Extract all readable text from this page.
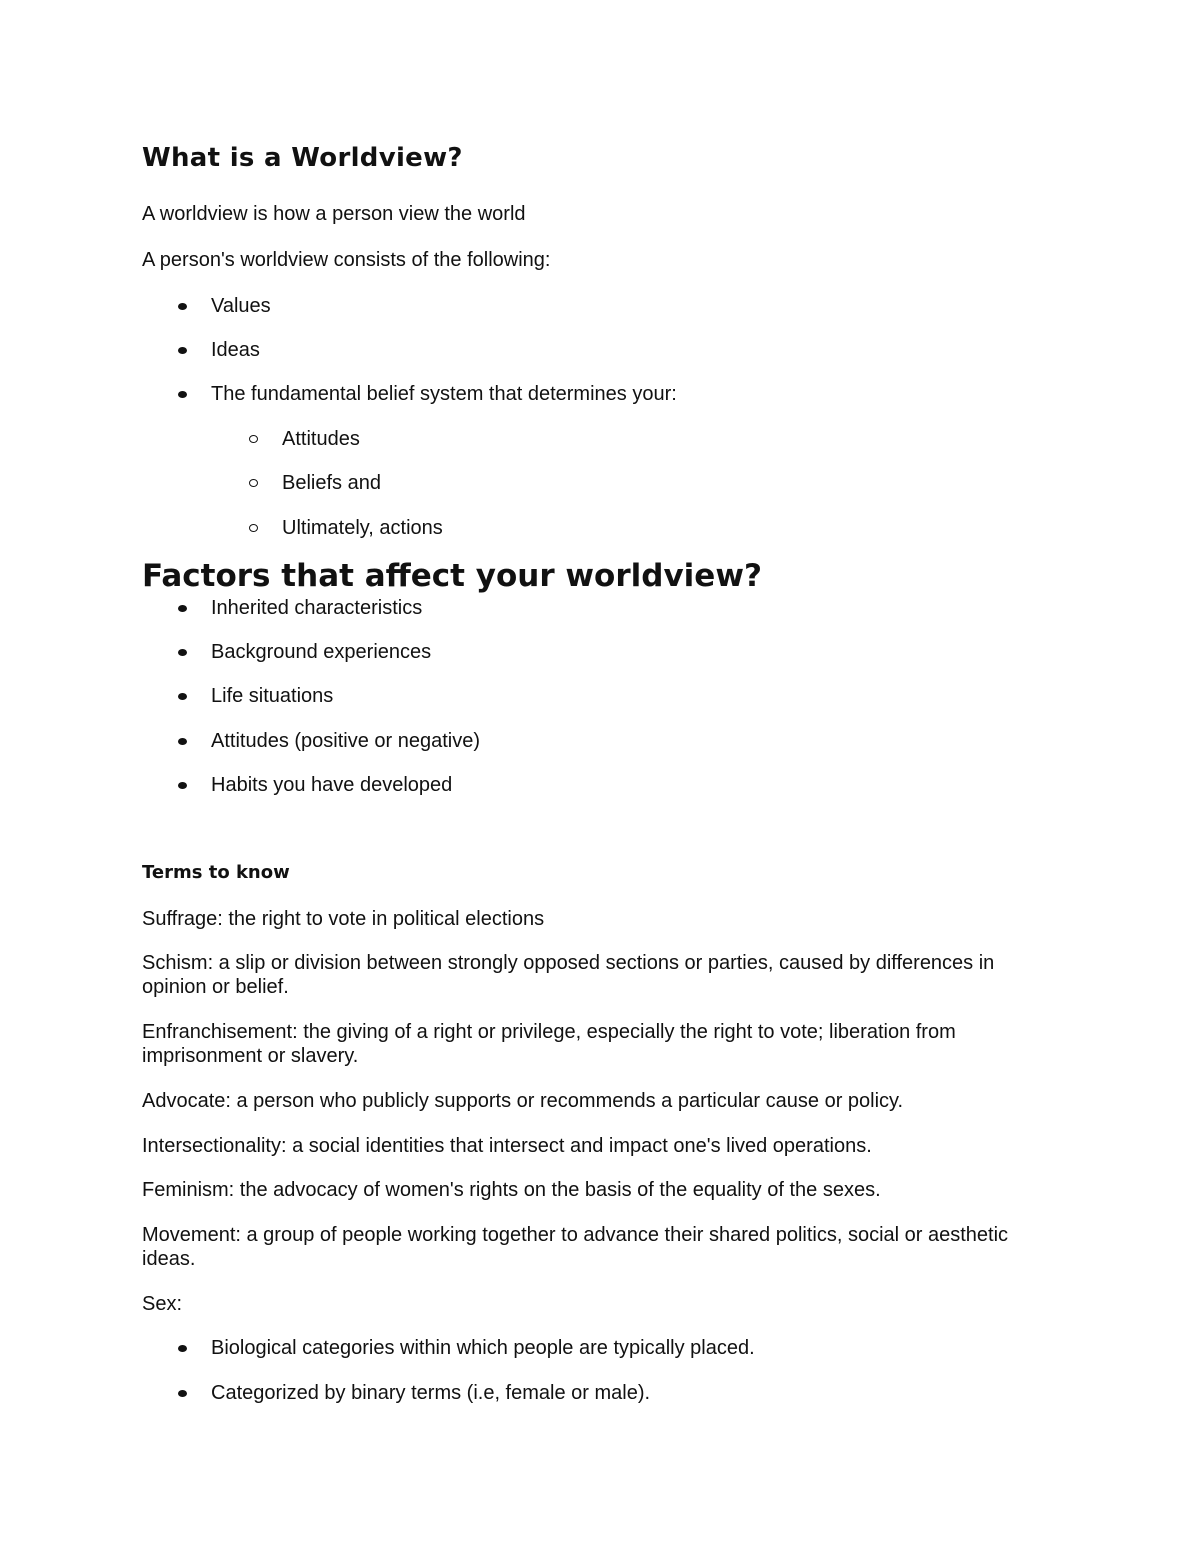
What is a Worldview?

A worldview is how a person view the world

A person's worldview consists of the following:

Values

Ideas

The fundamental belief system that determines your:

Attitudes

Beliefs and

Ultimately, actions

Factors that affect your worldview?

Inherited characteristics

Background experiences

Life situations

Attitudes (positive or negative)

Habits you have developed

Terms to know

Suffrage: the right to vote in political elections

Schism: a slip or division between strongly opposed sections or parties, caused by differences in opinion or belief.

Enfranchisement: the giving of a right or privilege, especially the right to vote; liberation from imprisonment or slavery.

Advocate: a person who publicly supports or recommends a particular cause or policy.

Intersectionality: a social identities that intersect and impact one's lived operations.

Feminism: the advocacy of women's rights on the basis of the equality of the sexes.

Movement: a group of people working together to advance their shared politics, social or aesthetic ideas.

Sex:

Biological categories within which people are typically placed.

Categorized by binary terms (i.e, female or male).
